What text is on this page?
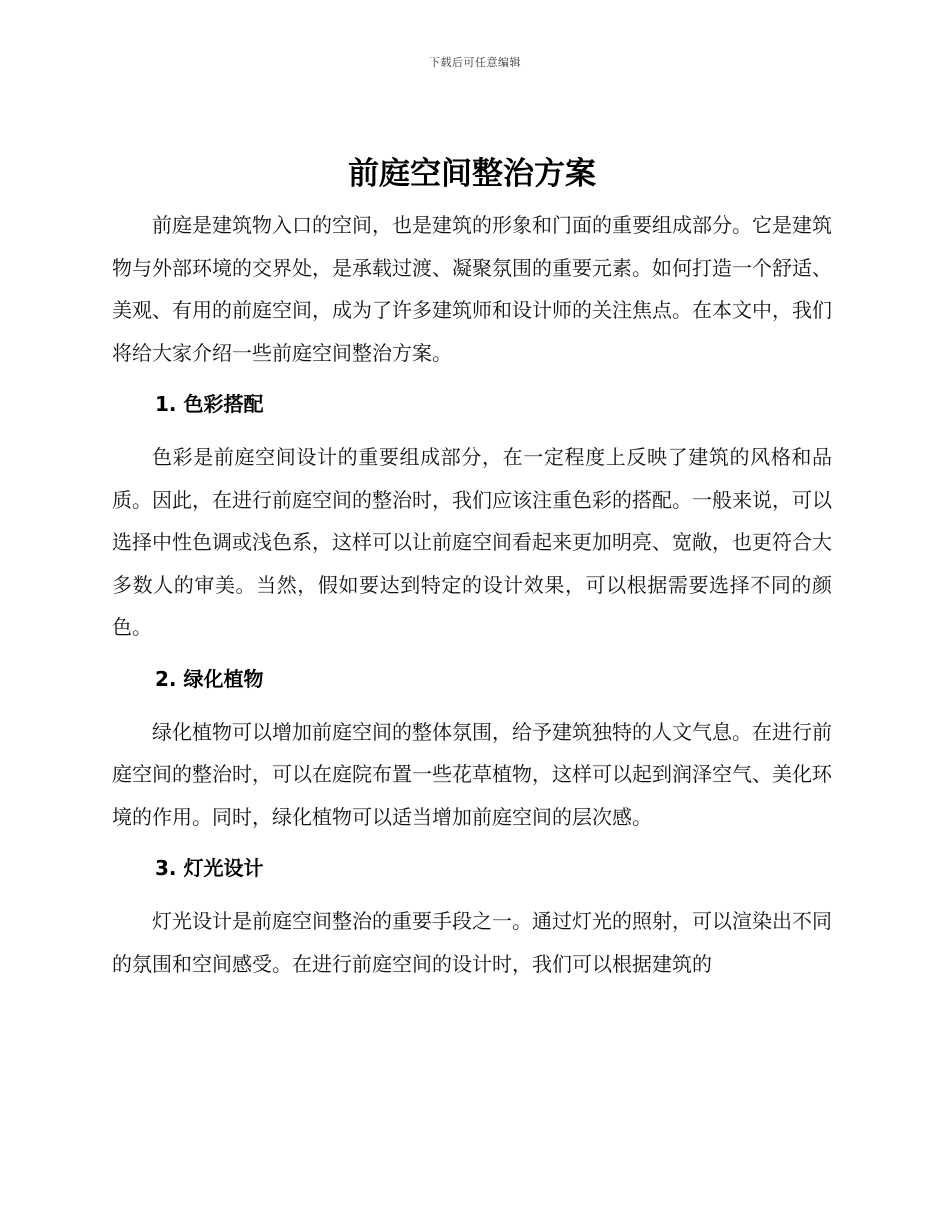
下载后可任意编辑
前庭空间整治方案

前庭是建筑物入口的空间，也是建筑的形象和门面的重要组成部分。它是建筑物与外部环境的交界处，是承载过渡、凝聚氛围的重要元素。如何打造一个舒适、美观、有用的前庭空间，成为了许多建筑师和设计师的关注焦点。在本文中，我们将给大家介绍一些前庭空间整治方案。

1. 色彩搭配

色彩是前庭空间设计的重要组成部分，在一定程度上反映了建筑的风格和品质。因此，在进行前庭空间的整治时，我们应该注重色彩的搭配。一般来说，可以选择中性色调或浅色系，这样可以让前庭空间看起来更加明亮、宽敞，也更符合大多数人的审美。当然，假如要达到特定的设计效果，可以根据需要选择不同的颜色。

2. 绿化植物

绿化植物可以增加前庭空间的整体氛围，给予建筑独特的人文气息。在进行前庭空间的整治时，可以在庭院布置一些花草植物，这样可以起到润泽空气、美化环境的作用。同时，绿化植物可以适当增加前庭空间的层次感。

3. 灯光设计

灯光设计是前庭空间整治的重要手段之一。通过灯光的照射，可以渲染出不同的氛围和空间感受。在进行前庭空间的设计时，我们可以根据建筑的
